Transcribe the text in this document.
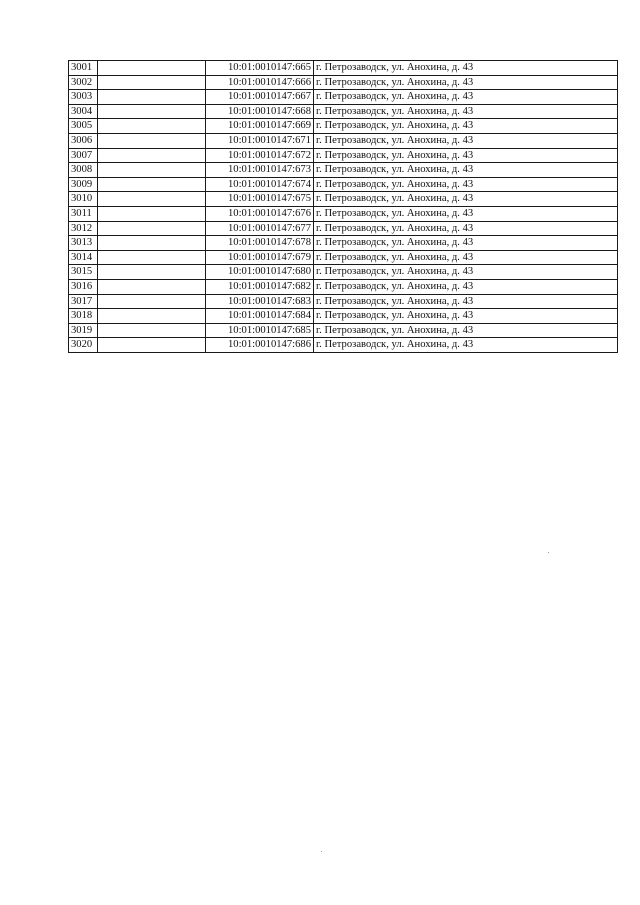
3001		10:01:0010147:665	г. Петрозаводск, ул. Анохина, д. 43
3002		10:01:0010147:666	г. Петрозаводск, ул. Анохина, д. 43
3003		10:01:0010147:667	г. Петрозаводск, ул. Анохина, д. 43
3004		10:01:0010147:668	г. Петрозаводск, ул. Анохина, д. 43
3005		10:01:0010147:669	г. Петрозаводск, ул. Анохина, д. 43
3006		10:01:0010147:671	г. Петрозаводск, ул. Анохина, д. 43
3007		10:01:0010147:672	г. Петрозаводск, ул. Анохина, д. 43
3008		10:01:0010147:673	г. Петрозаводск, ул. Анохина, д. 43
3009		10:01:0010147:674	г. Петрозаводск, ул. Анохина, д. 43
3010		10:01:0010147:675	г. Петрозаводск, ул. Анохина, д. 43
3011		10:01:0010147:676	г. Петрозаводск, ул. Анохина, д. 43
3012		10:01:0010147:677	г. Петрозаводск, ул. Анохина, д. 43
3013		10:01:0010147:678	г. Петрозаводск, ул. Анохина, д. 43
3014		10:01:0010147:679	г. Петрозаводск, ул. Анохина, д. 43
3015		10:01:0010147:680	г. Петрозаводск, ул. Анохина, д. 43
3016		10:01:0010147:682	г. Петрозаводск, ул. Анохина, д. 43
3017		10:01:0010147:683	г. Петрозаводск, ул. Анохина, д. 43
3018		10:01:0010147:684	г. Петрозаводск, ул. Анохина, д. 43
3019		10:01:0010147:685	г. Петрозаводск, ул. Анохина, д. 43
3020		10:01:0010147:686	г. Петрозаводск, ул. Анохина, д. 43
